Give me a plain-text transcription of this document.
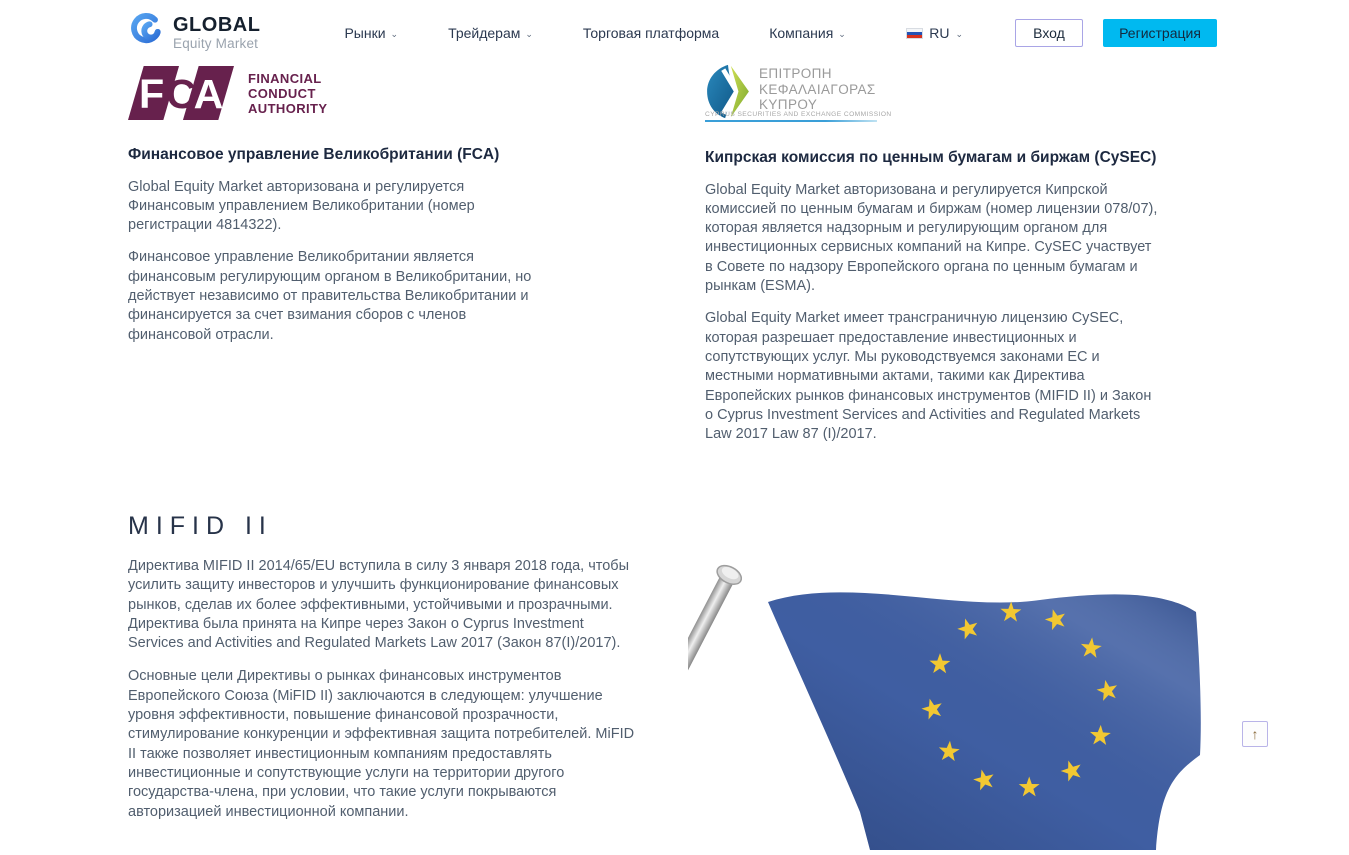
GLOBAL
Equity Market
Рынки ⌄	Трейдерам ⌄	Торговая платформа	Компания ⌄	RU ⌄	Вход	Регистрация
F C
A FINANCIAL
CONDUCT
AUTHORITY
Финансовое управление Великобритании (FCA)

Global Equity Market авторизована и регулируется Финансовым управлением Великобритании (номер регистрации 4814322).

Финансовое управление Великобритании является финансовым регулирующим органом в Великобритании, но действует независимо от правительства Великобритании и финансируется за счет взимания сборов с членов финансовой отрасли.

ΕΠΙΤΡΟΠΗ
ΚΕΦΑΛΑΙΑΓΟΡΑΣ
ΚΥΠΡΟΥ
CYPRUS SECURITIES AND EXCHANGE COMMISSION
Кипрская комиссия по ценным бумагам и биржам (CySEC)

Global Equity Market авторизована и регулируется Кипрской комиссией по ценным бумагам и биржам (номер лицензии 078/07), которая является надзорным и регулирующим органом для инвестиционных сервисных компаний на Кипре. CySEC участвует в Совете по надзору Европейского органа по ценным бумагам и рынкам (ESMA).

Global Equity Market имеет трансграничную лицензию CySEC, которая разрешает предоставление инвестиционных и сопутствующих услуг. Мы руководствуемся законами ЕС и местными нормативными актами, такими как Директива Европейских рынков финансовых инструментов (MIFID II) и Закон о Cyprus Investment Services and Activities and Regulated Markets Law 2017 Law 87 (I)/2017.

MIFID II

Директива MIFID II 2014/65/EU вступила в силу 3 января 2018 года, чтобы усилить защиту инвесторов и улучшить функционирование финансовых рынков, сделав их более эффективными, устойчивыми и прозрачными. Директива была принята на Кипре через Закон о Cyprus Investment Services and Activities and Regulated Markets Law 2017 (Закон 87(I)/2017).

Основные цели Директивы о рынках финансовых инструментов Европейского Союза (MiFID II) заключаются в следующем: улучшение уровня эффективности, повышение финансовой прозрачности, стимулирование конкуренции и эффективная защита потребителей. MiFID II также позволяет инвестиционным компаниям предоставлять инвестиционные и сопутствующие услуги на территории другого государства-члена, при условии, что такие услуги покрываются авторизацией инвестиционной компании.

↑
